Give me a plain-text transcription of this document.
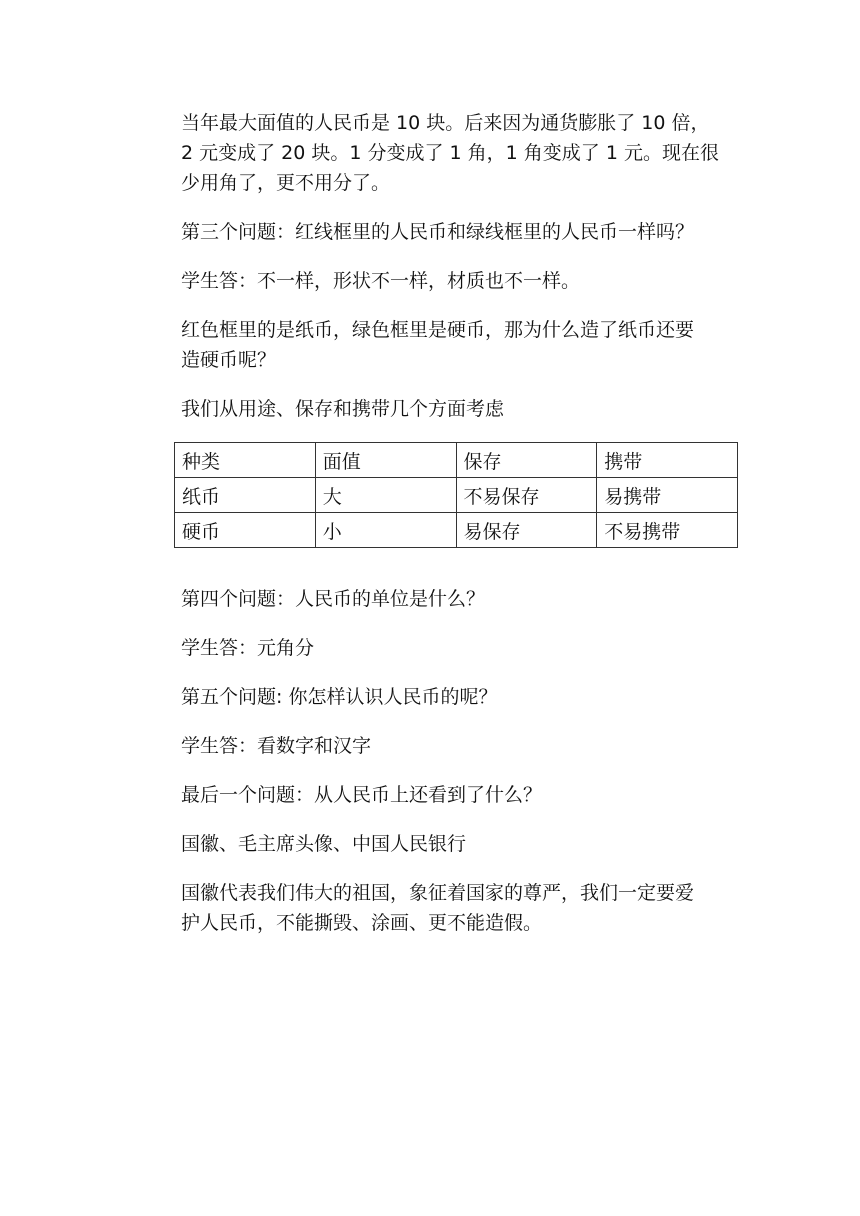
当年最大面值的人民币是 10 块。后来因为通货膨胀了 10 倍，
2 元变成了 20 块。1 分变成了 1 角，1 角变成了 1 元。现在很
少用角了，更不用分了。

第三个问题：红线框里的人民币和绿线框里的人民币一样吗？

学生答：不一样，形状不一样，材质也不一样。

红色框里的是纸币，绿色框里是硬币，那为什么造了纸币还要
造硬币呢？

我们从用途、保存和携带几个方面考虑

种类	面值	保存	携带
纸币	大	不易保存	易携带
硬币	小	易保存	不易携带

第四个问题：人民币的单位是什么？

学生答：元角分

第五个问题: 你怎样认识人民币的呢？

学生答：看数字和汉字

最后一个问题：从人民币上还看到了什么？

国徽、毛主席头像、中国人民银行

国徽代表我们伟大的祖国，象征着国家的尊严，我们一定要爱
护人民币，不能撕毁、涂画、更不能造假。
